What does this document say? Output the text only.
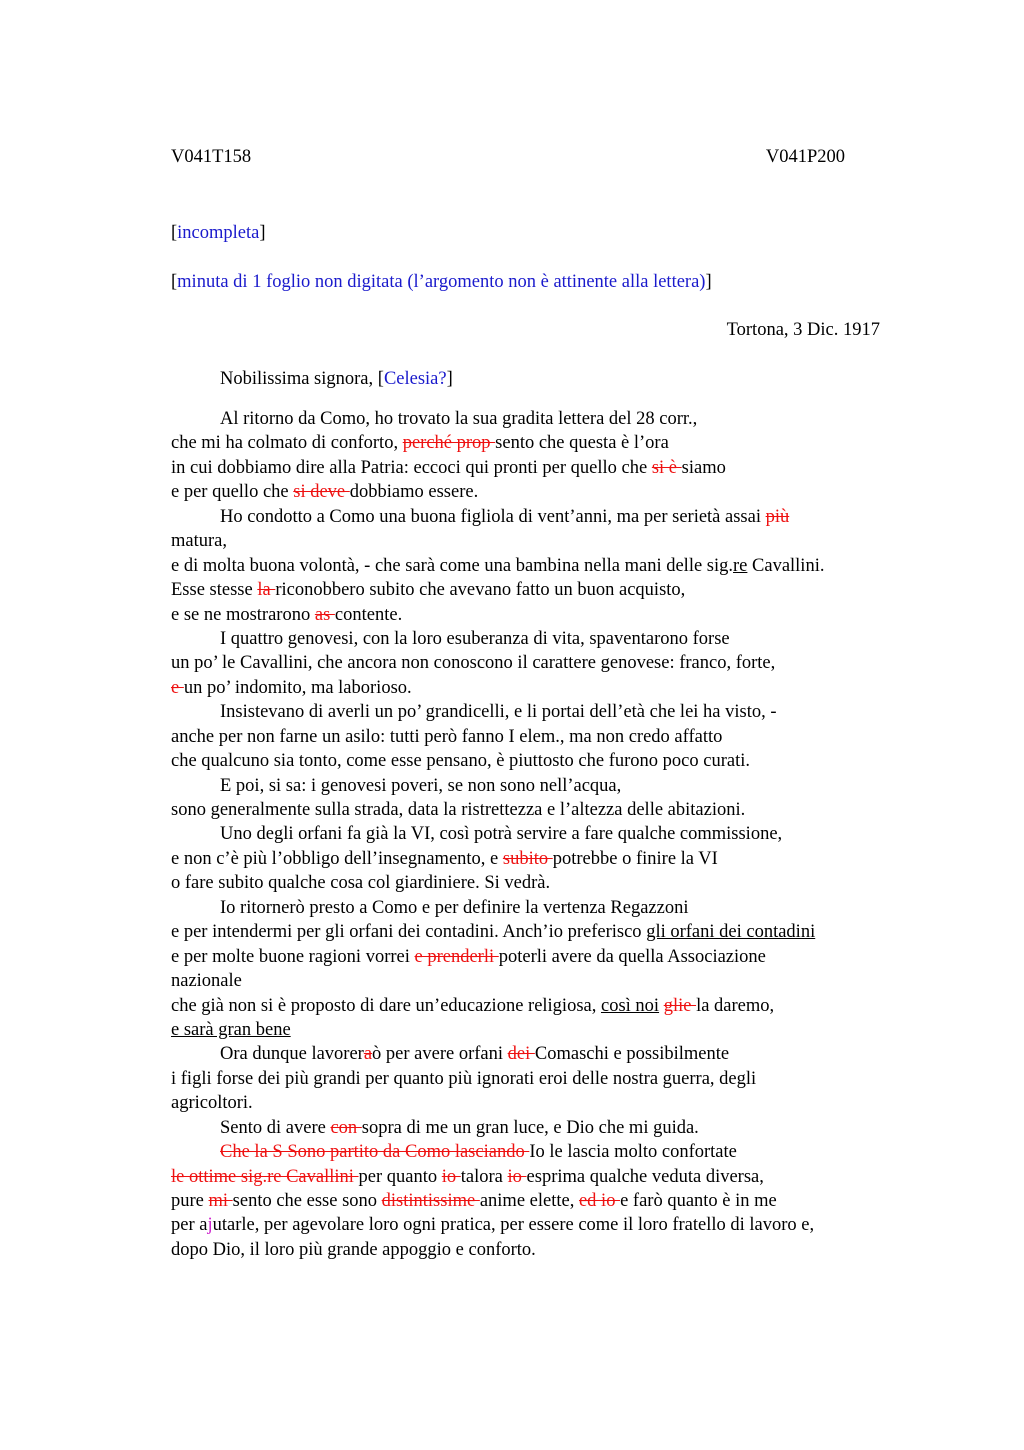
V041T158	V041P200
[incompleta]
[minuta di 1 foglio non digitata (l’argomento non è attinente alla lettera)]
Tortona, 3 Dic. 1917
Nobilissima signora, [Celesia?]
Al ritorno da Como, ho trovato la sua gradita lettera del 28 corr.,
che mi ha colmato di conforto, perché prop sento che questa è l’ora
in cui dobbiamo dire alla Patria: eccoci qui pronti per quello che si è siamo
e per quello che si deve dobbiamo essere.
Ho condotto a Como una buona figliola di vent’anni, ma per serietà assai più
matura,
e di molta buona volontà, - che sarà come una bambina nella mani delle sig.re Cavallini.
Esse stesse la riconobbero subito che avevano fatto un buon acquisto,
e se ne mostrarono as contente.
I quattro genovesi, con la loro esuberanza di vita, spaventarono forse
un po’ le Cavallini, che ancora non conoscono il carattere genovese: franco, forte,
e un po’ indomito, ma laborioso.
Insistevano di averli un po’ grandicelli, e li portai dell’età che lei ha visto, -
anche per non farne un asilo: tutti però fanno I elem., ma non credo affatto
che qualcuno sia tonto, come esse pensano, è piuttosto che furono poco curati.
E poi, si sa: i genovesi poveri, se non sono nell’acqua,
sono generalmente sulla strada, data la ristrettezza e l’altezza delle abitazioni.
Uno degli orfani fa già la VI, così potrà servire a fare qualche commissione,
e non c’è più l’obbligo dell’insegnamento, e subito potrebbe o finire la VI
o fare subito qualche cosa col giardiniere. Si vedrà.
Io ritornerò presto a Como e per definire la vertenza Regazzoni
e per intendermi per gli orfani dei contadini. Anch’io preferisco gli orfani dei contadini
e per molte buone ragioni vorrei e prenderli poterli avere da quella Associazione
nazionale
che già non si è proposto di dare un’educazione religiosa, così noi glie la daremo,
e sarà gran bene
Ora dunque lavoreraò per avere orfani dei Comaschi e possibilmente
i figli forse dei più grandi per quanto più ignorati eroi delle nostra guerra, degli
agricoltori.
Sento di avere con sopra di me un gran luce, e Dio che mi guida.
Che la S Sono partito da Como lasciando Io le lascia molto confortate
le ottime sig.re Cavallini per quanto io talora io esprima qualche veduta diversa,
pure mi sento che esse sono distintissime anime elette, ed io e farò quanto è in me
per ajutarle, per agevolare loro ogni pratica, per essere come il loro fratello di lavoro e,
dopo Dio, il loro più grande appoggio e conforto.
